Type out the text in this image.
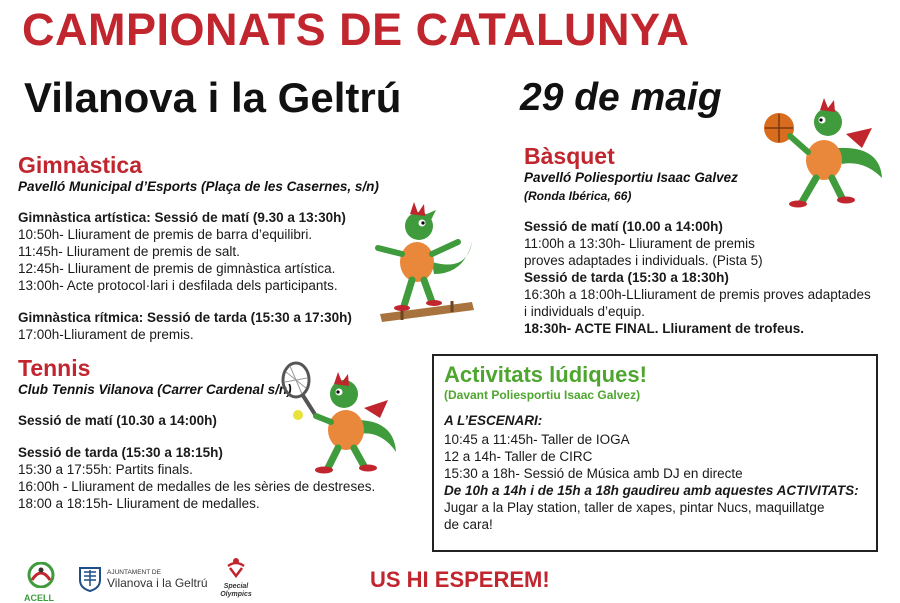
CAMPIONATS DE CATALUNYA
Vilanova i la Geltrú	29 de maig
Gimnàstica

Pavelló Municipal d’Esports (Plaça de les Casernes, s/n)

Gimnàstica artística: Sessió de matí (9.30 a 13:30h)

10:50h- Lliurament de premis de barra d’equilibri.

11:45h- Lliurament de premis de salt.

12:45h- Lliurament de premis de gimnàstica artística.

13:00h- Acte protocol·lari i desfilada dels participants.

Gimnàstica rítmica: Sessió de tarda (15:30 a 17:30h)

17:00h-Lliurament de premis.

Tennis

Club Tennis Vilanova (Carrer Cardenal s/n)

Sessió de matí (10.30 a 14:00h)

Sessió de tarda (15:30 a 18:15h)

15:30 a 17:55h: Partits finals.

16:00h - Lliurament de medalles de les sèries de destreses.

18:00 a 18:15h- Lliurament de medalles.

Bàsquet

Pavelló Poliesportiu Isaac Galvez

(Ronda Ibérica, 66)

Sessió de matí (10.00 a 14:00h)

11:00h a 13:30h- Lliurament de premis

proves adaptades i individuals. (Pista 5)

Sessió de tarda (15:30 a 18:30h)

16:30h a 18:00h-LLliurament de premis proves adaptades

i individuals d’equip.

18:30h- ACTE FINAL. Lliurament de trofeus.

Activitats lúdiques!

(Davant Poliesportiu Isaac Galvez)

A L’ESCENARI:

10:45 a 11:45h- Taller de IOGA

12 a 14h- Taller de CIRC

15:30 a 18h- Sessió de Música amb DJ en directe

De 10h a 14h i de 15h a 18h gaudireu amb aquestes ACTIVITATS:

Jugar a la Play station, taller de xapes, pintar Nucs, maquillatge

de cara!

ACELL
AJUNTAMENT DE
Vilanova i la Geltrú	Special
Olympics

US HI ESPEREM!
